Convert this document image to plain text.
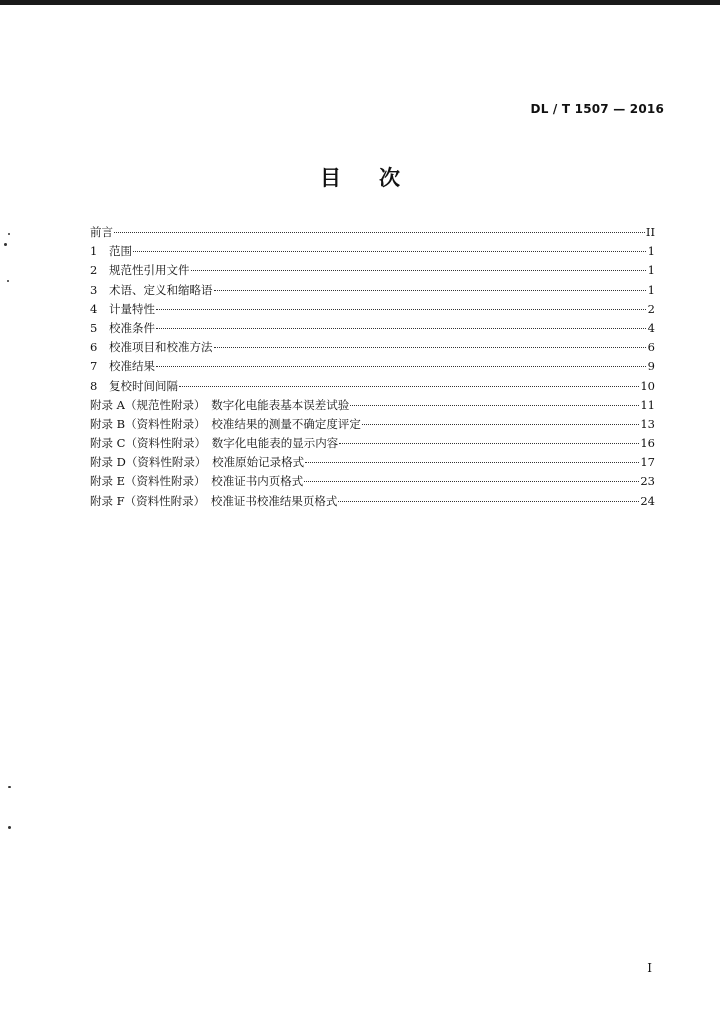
DL / T 1507 — 2016
目 次
前言	II
1	范围	1
2	规范性引用文件	1
3	术语、定义和缩略语	1
4	计量特性	2
5	校准条件	4
6	校准项目和校准方法	6
7	校准结果	9
8	复校时间间隔	10
附录 A（规范性附录）　数字化电能表基本误差试验	11
附录 B（资料性附录）　校准结果的测量不确定度评定	13
附录 C（资料性附录）　数字化电能表的显示内容	16
附录 D（资料性附录）　校准原始记录格式	17
附录 E（资料性附录）　校准证书内页格式	23
附录 F（资料性附录）　校准证书校准结果页格式	24
I
